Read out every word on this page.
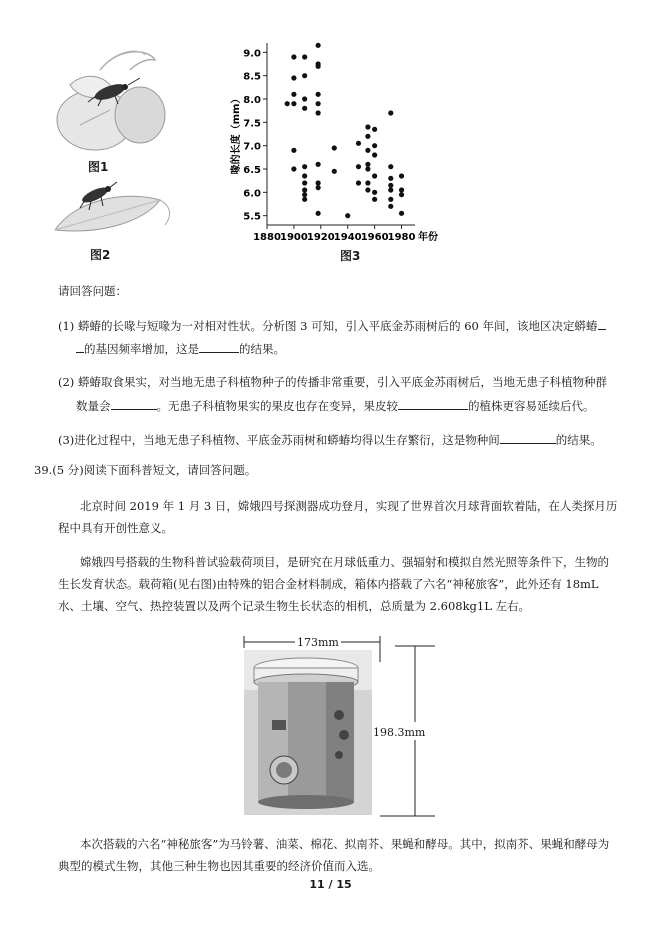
图1
图2
5.5
6.0
6.5
7.0
7.5
8.0
8.5
9.0
1880 1900 1920 1940 1960 1980 年份
喙的长度（mm）
图3
请回答问题：
(1) 蟒蝽的长喙与短喙为一对相对性状。分析图 3 可知，引入平底金苏雨树后的 60 年间，该地区决定蟒蝽
的基因频率增加，这是	的结果。
(2) 蟒蝽取食果实，对当地无患子科植物种子的传播非常重要，引入平底金苏雨树后，当地无患子科植物种群
数量会	。无患子科植物果实的果皮也存在变异，果皮较	的植株更容易延续后代。
(3)进化过程中，当地无患子科植物、平底金苏雨树和蟒蝽均得以生存繁衍，这是物种间	的结果。
39.(5 分)阅读下面科普短文，请回答问题。
北京时间 2019 年 1 月 3 日，嫦娥四号探测器成功登月，实现了世界首次月球背面软着陆，在人类探月历
程中具有开创性意义。
嫦娥四号搭载的生物科普试验载荷项目，是研究在月球低重力、强辐射和模拟自然光照等条件下，生物的
生长发育状态。载荷箱(见右图)由特殊的铝合金材料制成，箱体内搭载了六名“神秘旅客”，此外还有 18mL
水、土壤、空气、热控装置以及两个记录生物生长状态的相机，总质量为 2.608kg1L 左右。
173mm
198.3mm
本次搭载的六名“神秘旅客”为马铃薯、油菜、棉花、拟南芥、果蝇和酵母。其中，拟南芥、果蝇和酵母为
典型的模式生物，其他三种生物也因其重要的经济价值而入选。
11 / 15
